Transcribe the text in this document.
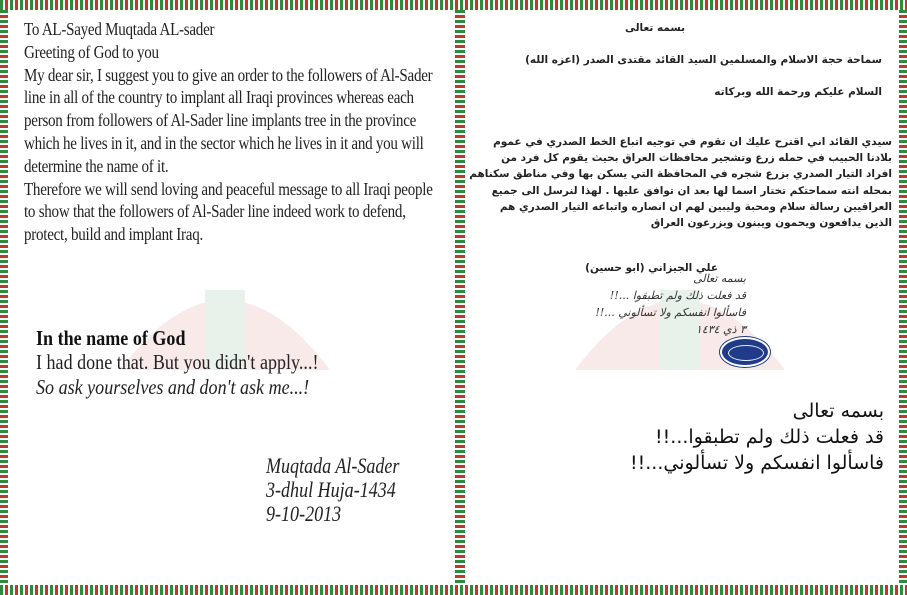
To AL-Sayed Muqtada AL-sader
Greeting of God to you
My dear sir, I suggest you to give an order to the followers of Al-Sader
line in all of the country to implant all Iraqi provinces whereas each
person from followers of Al-Sader line implants tree in the province
which he lives in it, and in the sector which he lives in it and you will
determine the name of it.
Therefore we will send loving and peaceful message to all Iraqi people
to show that the followers of Al-Sader line indeed work to defend,
protect, build and implant Iraq.
In the name of God
I had done that. But you didn't apply...!
So ask yourselves and don't ask me...!
Muqtada Al-Sader
3-dhul Huja-1434
9-10-2013
بسمه تعالى
سماحة حجة الاسلام والمسلمين السيد القائد مقتدى الصدر (اعزه الله)
السلام عليكم ورحمة الله وبركاته
سيدي القائد اني اقترح عليك ان تقوم في توجيه اتباع الخط الصدري في عموم
بلادنا الحبيب في حمله زرع وتشجير محافظات العراق بحيث يقوم كل فرد من
افراد التيار الصدري بزرع شجره في المحافظة التي يسكن بها وفي مناطق سكناهم
بمحله انته سماحتكم تختار اسما لها بعد ان توافق عليها . لهذا لنرسل الى جميع
العراقيين رسالة سلام ومحبة وليبين لهم ان انصاره واتباعه التيار الصدري هم
الذين يدافعون ويحمون ويبنون ويزرعون العراق
علي الجيزاني (ابو حسين)
بسمه تعالى
قد فعلت ذلك ولم تطبقوا ...!!
فاسألوا انفسكم ولا تسألوني ...!!
٣ ذي ١٤٣٤
بسمه تعالى
قد فعلت ذلك ولم تطبقوا...!!
فاسألوا انفسكم ولا تسألوني...!!
